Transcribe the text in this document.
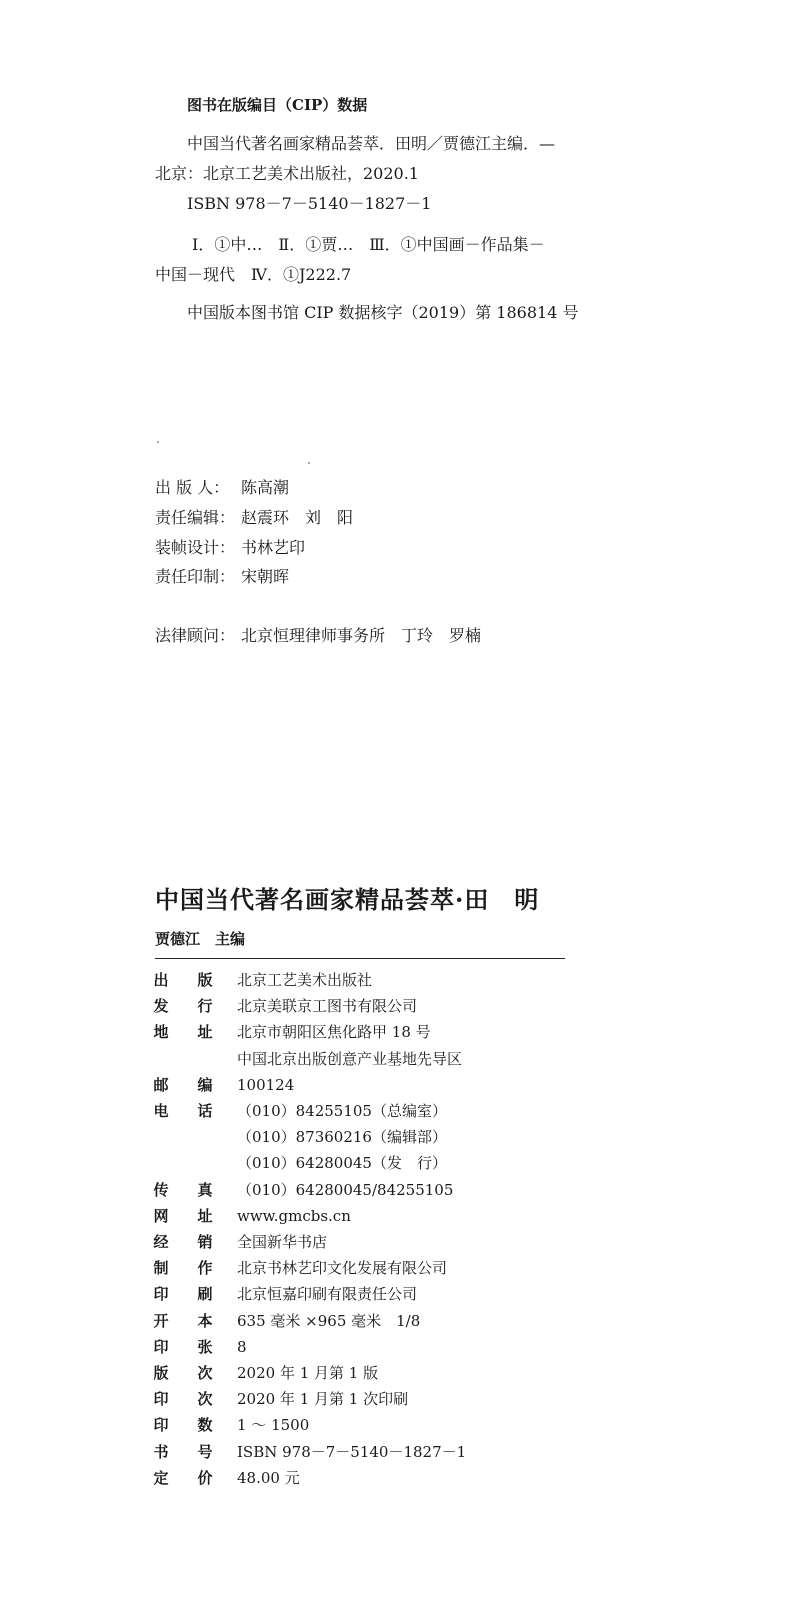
图书在版编目（CIP）数据
中国当代著名画家精品荟萃．田明／贾德江主编．—
北京：北京工艺美术出版社，2020.1
ISBN 978－7－5140－1827－1
Ⅰ．①中…　Ⅱ．①贾…　Ⅲ．①中国画－作品集－
中国－现代　Ⅳ．①J222.7
中国版本图书馆 CIP 数据核字（2019）第 186814 号
出 版 人： 陈高潮
责任编辑： 赵震环　刘　阳
装帧设计： 书林艺印
责任印制： 宋朝晖
法律顾问： 北京恒理律师事务所　丁玲　罗楠
中国当代著名画家精品荟萃·田　明
贾德江　主编
出 版	北京工艺美术出版社
发 行	北京美联京工图书有限公司
地 址	北京市朝阳区焦化路甲 18 号
中国北京出版创意产业基地先导区
邮 编	100124
电 话	（010）84255105（总编室）
（010）87360216（编辑部）
（010）64280045（发　行）
传 真	（010）64280045/84255105
网 址	www.gmcbs.cn
经 销	全国新华书店
制 作	北京书林艺印文化发展有限公司
印 刷	北京恒嘉印刷有限责任公司
开 本	635 毫米 ×965 毫米　1/8
印 张	8
版 次	2020 年 1 月第 1 版
印 次	2020 年 1 月第 1 次印刷
印 数	1 ～ 1500
书 号	ISBN 978－7－5140－1827－1
定 价	48.00 元
